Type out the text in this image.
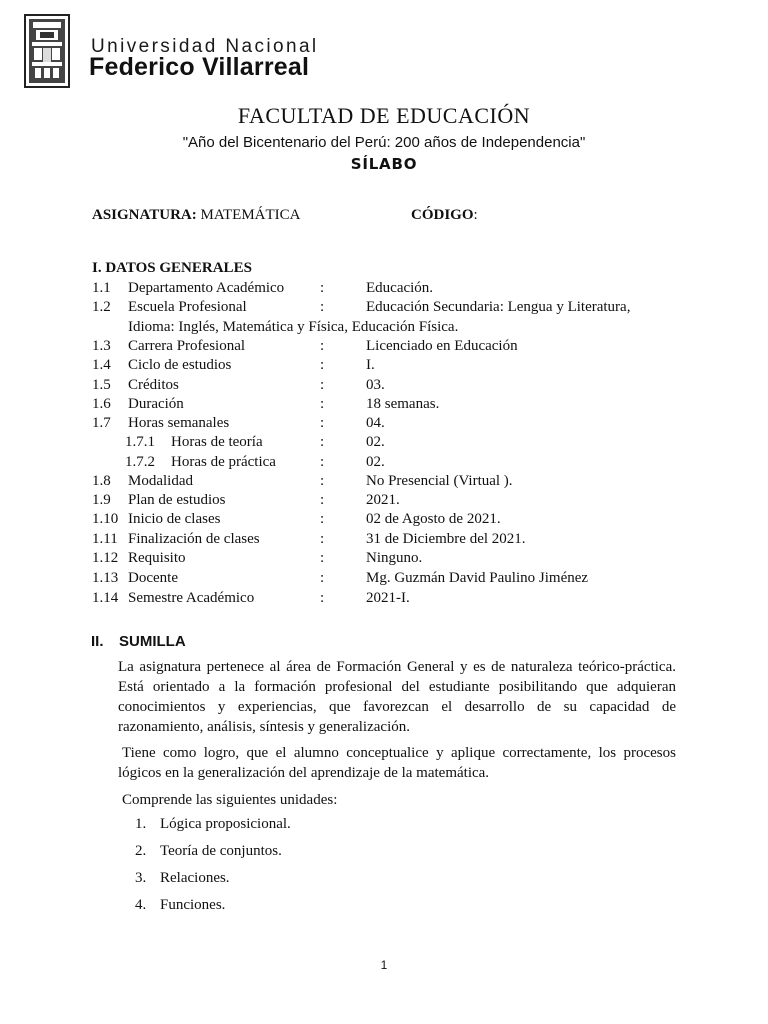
Universidad Nacional
Federico Villarreal
FACULTAD DE EDUCACIÓN
"Año del Bicentenario del Perú: 200 años de Independencia"
SÍLABO
ASIGNATURA: MATEMÁTICA	CÓDIGO:
I. DATOS GENERALES
1.1 Departamento Académico :	Educación.
1.2 Escuela Profesional	:	Educación Secundaria: Lengua y Literatura,
Idioma: Inglés, Matemática y Física, Educación Física.
1.3 Carrera Profesional	:	Licenciado en Educación
1.4 Ciclo de estudios	:	I.
1.5 Créditos	:	03.
1.6 Duración	:	18 semanas.
1.7 Horas semanales	:	04.
1.7.1 Horas de teoría	:	02.
1.7.2 Horas de práctica	:	02.
1.8 Modalidad	:	No Presencial (Virtual ).
1.9 Plan de estudios	:	2021.
1.10 Inicio de clases	:	02 de Agosto de 2021.
1.11 Finalización de clases	:	31 de Diciembre del 2021.
1.12 Requisito	:	Ninguno.
1.13 Docente	:	Mg. Guzmán David Paulino Jiménez
1.14 Semestre Académico	:	2021-I.
II. SUMILLA
La asignatura pertenece al área de Formación General y es de naturaleza teórico-práctica. Está orientado a la formación profesional del estudiante posibilitando que adquieran conocimientos y experiencias, que favorezcan el desarrollo de su capacidad de razonamiento, análisis, síntesis y generalización.
Tiene como logro, que el alumno conceptualice y aplique correctamente, los procesos lógicos en la generalización del aprendizaje de la matemática.
Comprende las siguientes unidades:
1. Lógica proposicional.
2. Teoría de conjuntos.
3. Relaciones.
4. Funciones.
1
